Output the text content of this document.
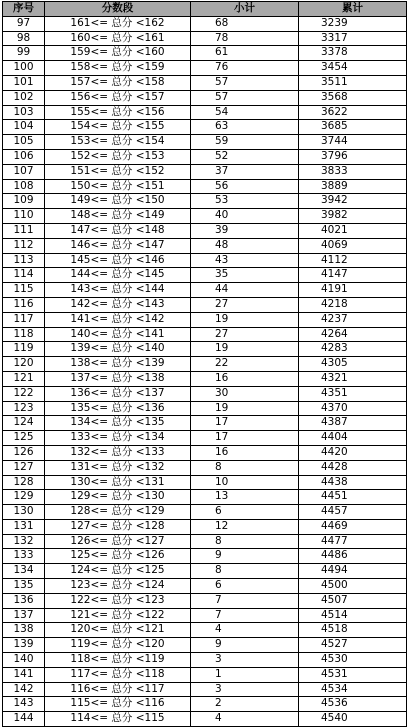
序号	分数段	小计	累计
97	161<= 总分 <162	68	3239
98	160<= 总分 <161	78	3317
99	159<= 总分 <160	61	3378
100	158<= 总分 <159	76	3454
101	157<= 总分 <158	57	3511
102	156<= 总分 <157	57	3568
103	155<= 总分 <156	54	3622
104	154<= 总分 <155	63	3685
105	153<= 总分 <154	59	3744
106	152<= 总分 <153	52	3796
107	151<= 总分 <152	37	3833
108	150<= 总分 <151	56	3889
109	149<= 总分 <150	53	3942
110	148<= 总分 <149	40	3982
111	147<= 总分 <148	39	4021
112	146<= 总分 <147	48	4069
113	145<= 总分 <146	43	4112
114	144<= 总分 <145	35	4147
115	143<= 总分 <144	44	4191
116	142<= 总分 <143	27	4218
117	141<= 总分 <142	19	4237
118	140<= 总分 <141	27	4264
119	139<= 总分 <140	19	4283
120	138<= 总分 <139	22	4305
121	137<= 总分 <138	16	4321
122	136<= 总分 <137	30	4351
123	135<= 总分 <136	19	4370
124	134<= 总分 <135	17	4387
125	133<= 总分 <134	17	4404
126	132<= 总分 <133	16	4420
127	131<= 总分 <132	8	4428
128	130<= 总分 <131	10	4438
129	129<= 总分 <130	13	4451
130	128<= 总分 <129	6	4457
131	127<= 总分 <128	12	4469
132	126<= 总分 <127	8	4477
133	125<= 总分 <126	9	4486
134	124<= 总分 <125	8	4494
135	123<= 总分 <124	6	4500
136	122<= 总分 <123	7	4507
137	121<= 总分 <122	7	4514
138	120<= 总分 <121	4	4518
139	119<= 总分 <120	9	4527
140	118<= 总分 <119	3	4530
141	117<= 总分 <118	1	4531
142	116<= 总分 <117	3	4534
143	115<= 总分 <116	2	4536
144	114<= 总分 <115	4	4540
